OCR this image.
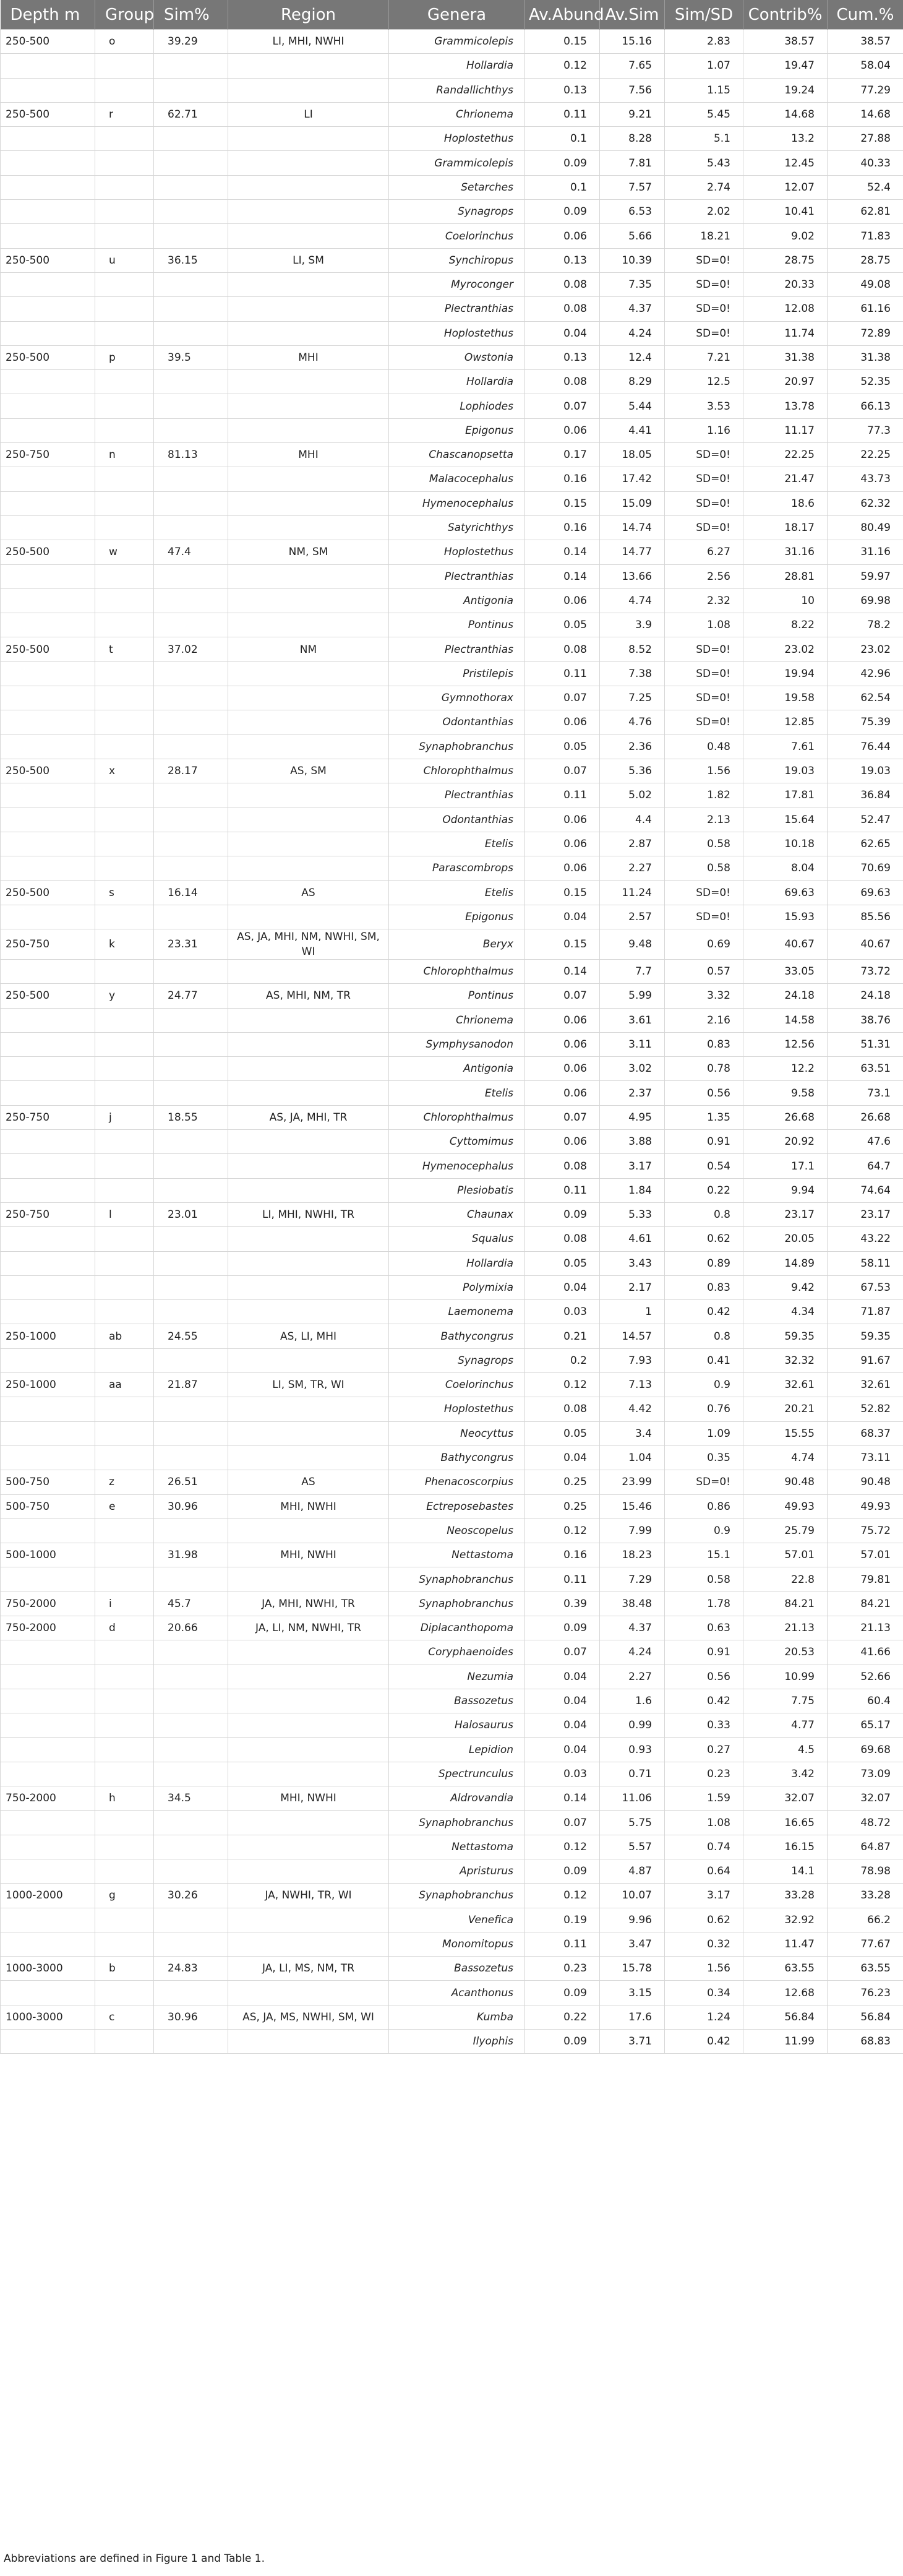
Depth m	Group	Sim%	Region	Genera	Av.Abund	Av.Sim	Sim/SD	Contrib%	Cum.%
250-500	o	39.29	LI, MHI, NWHI	Grammicolepis	0.15	15.16	2.83	38.57	38.57
				Hollardia	0.12	7.65	1.07	19.47	58.04
				Randallichthys	0.13	7.56	1.15	19.24	77.29
250-500	r	62.71	LI	Chrionema	0.11	9.21	5.45	14.68	14.68
				Hoplostethus	0.1	8.28	5.1	13.2	27.88
				Grammicolepis	0.09	7.81	5.43	12.45	40.33
				Setarches	0.1	7.57	2.74	12.07	52.4
				Synagrops	0.09	6.53	2.02	10.41	62.81
				Coelorinchus	0.06	5.66	18.21	9.02	71.83
250-500	u	36.15	LI, SM	Synchiropus	0.13	10.39	SD=0!	28.75	28.75
				Myroconger	0.08	7.35	SD=0!	20.33	49.08
				Plectranthias	0.08	4.37	SD=0!	12.08	61.16
				Hoplostethus	0.04	4.24	SD=0!	11.74	72.89
250-500	p	39.5	MHI	Owstonia	0.13	12.4	7.21	31.38	31.38
				Hollardia	0.08	8.29	12.5	20.97	52.35
				Lophiodes	0.07	5.44	3.53	13.78	66.13
				Epigonus	0.06	4.41	1.16	11.17	77.3
250-750	n	81.13	MHI	Chascanopsetta	0.17	18.05	SD=0!	22.25	22.25
				Malacocephalus	0.16	17.42	SD=0!	21.47	43.73
				Hymenocephalus	0.15	15.09	SD=0!	18.6	62.32
				Satyrichthys	0.16	14.74	SD=0!	18.17	80.49
250-500	w	47.4	NM, SM	Hoplostethus	0.14	14.77	6.27	31.16	31.16
				Plectranthias	0.14	13.66	2.56	28.81	59.97
				Antigonia	0.06	4.74	2.32	10	69.98
				Pontinus	0.05	3.9	1.08	8.22	78.2
250-500	t	37.02	NM	Plectranthias	0.08	8.52	SD=0!	23.02	23.02
				Pristilepis	0.11	7.38	SD=0!	19.94	42.96
				Gymnothorax	0.07	7.25	SD=0!	19.58	62.54
				Odontanthias	0.06	4.76	SD=0!	12.85	75.39
				Synaphobranchus	0.05	2.36	0.48	7.61	76.44
250-500	x	28.17	AS, SM	Chlorophthalmus	0.07	5.36	1.56	19.03	19.03
				Plectranthias	0.11	5.02	1.82	17.81	36.84
				Odontanthias	0.06	4.4	2.13	15.64	52.47
				Etelis	0.06	2.87	0.58	10.18	62.65
				Parascombrops	0.06	2.27	0.58	8.04	70.69
250-500	s	16.14	AS	Etelis	0.15	11.24	SD=0!	69.63	69.63
				Epigonus	0.04	2.57	SD=0!	15.93	85.56
250-750	k	23.31	AS, JA, MHI, NM, NWHI, SM, WI	Beryx	0.15	9.48	0.69	40.67	40.67
				Chlorophthalmus	0.14	7.7	0.57	33.05	73.72
250-500	y	24.77	AS, MHI, NM, TR	Pontinus	0.07	5.99	3.32	24.18	24.18
				Chrionema	0.06	3.61	2.16	14.58	38.76
				Symphysanodon	0.06	3.11	0.83	12.56	51.31
				Antigonia	0.06	3.02	0.78	12.2	63.51
				Etelis	0.06	2.37	0.56	9.58	73.1
250-750	j	18.55	AS, JA, MHI, TR	Chlorophthalmus	0.07	4.95	1.35	26.68	26.68
				Cyttomimus	0.06	3.88	0.91	20.92	47.6
				Hymenocephalus	0.08	3.17	0.54	17.1	64.7
				Plesiobatis	0.11	1.84	0.22	9.94	74.64
250-750	l	23.01	LI, MHI, NWHI, TR	Chaunax	0.09	5.33	0.8	23.17	23.17
				Squalus	0.08	4.61	0.62	20.05	43.22
				Hollardia	0.05	3.43	0.89	14.89	58.11
				Polymixia	0.04	2.17	0.83	9.42	67.53
				Laemonema	0.03	1	0.42	4.34	71.87
250-1000	ab	24.55	AS, LI, MHI	Bathycongrus	0.21	14.57	0.8	59.35	59.35
				Synagrops	0.2	7.93	0.41	32.32	91.67
250-1000	aa	21.87	LI, SM, TR, WI	Coelorinchus	0.12	7.13	0.9	32.61	32.61
				Hoplostethus	0.08	4.42	0.76	20.21	52.82
				Neocyttus	0.05	3.4	1.09	15.55	68.37
				Bathycongrus	0.04	1.04	0.35	4.74	73.11
500-750	z	26.51	AS	Phenacoscorpius	0.25	23.99	SD=0!	90.48	90.48
500-750	e	30.96	MHI, NWHI	Ectreposebastes	0.25	15.46	0.86	49.93	49.93
				Neoscopelus	0.12	7.99	0.9	25.79	75.72
500-1000		31.98	MHI, NWHI	Nettastoma	0.16	18.23	15.1	57.01	57.01
				Synaphobranchus	0.11	7.29	0.58	22.8	79.81
750-2000	i	45.7	JA, MHI, NWHI, TR	Synaphobranchus	0.39	38.48	1.78	84.21	84.21
750-2000	d	20.66	JA, LI, NM, NWHI, TR	Diplacanthopoma	0.09	4.37	0.63	21.13	21.13
				Coryphaenoides	0.07	4.24	0.91	20.53	41.66
				Nezumia	0.04	2.27	0.56	10.99	52.66
				Bassozetus	0.04	1.6	0.42	7.75	60.4
				Halosaurus	0.04	0.99	0.33	4.77	65.17
				Lepidion	0.04	0.93	0.27	4.5	69.68
				Spectrunculus	0.03	0.71	0.23	3.42	73.09
750-2000	h	34.5	MHI, NWHI	Aldrovandia	0.14	11.06	1.59	32.07	32.07
				Synaphobranchus	0.07	5.75	1.08	16.65	48.72
				Nettastoma	0.12	5.57	0.74	16.15	64.87
				Apristurus	0.09	4.87	0.64	14.1	78.98
1000-2000	g	30.26	JA, NWHI, TR, WI	Synaphobranchus	0.12	10.07	3.17	33.28	33.28
				Venefica	0.19	9.96	0.62	32.92	66.2
				Monomitopus	0.11	3.47	0.32	11.47	77.67
1000-3000	b	24.83	JA, LI, MS, NM, TR	Bassozetus	0.23	15.78	1.56	63.55	63.55
				Acanthonus	0.09	3.15	0.34	12.68	76.23
1000-3000	c	30.96	AS, JA, MS, NWHI, SM, WI	Kumba	0.22	17.6	1.24	56.84	56.84
				Ilyophis	0.09	3.71	0.42	11.99	68.83
Abbreviations are defined in Figure 1 and Table 1.
